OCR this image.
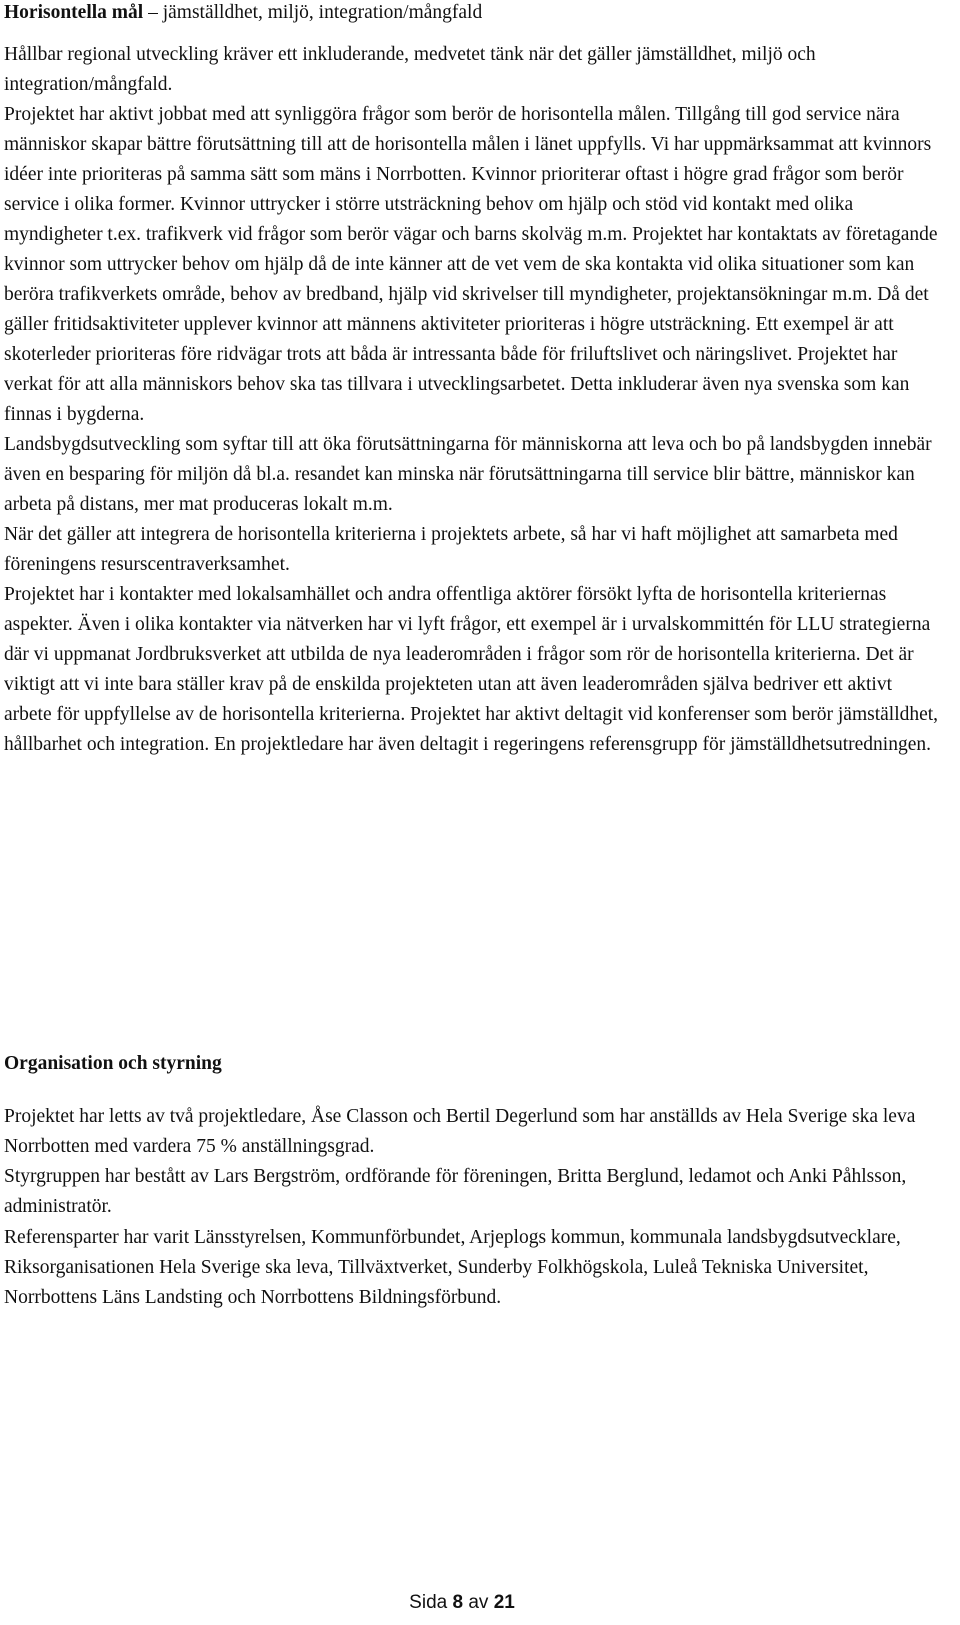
Horisontella mål – jämställdhet, miljö, integration/mångfald

Hållbar regional utveckling kräver ett inkluderande, medvetet tänk när det gäller jämställdhet, miljö och integration/mångfald.

Projektet har aktivt jobbat med att synliggöra frågor som berör de horisontella målen. Tillgång till god service nära människor skapar bättre förutsättning till att de horisontella målen i länet uppfylls. Vi har uppmärksammat att kvinnors idéer inte prioriteras på samma sätt som mäns i Norrbotten. Kvinnor prioriterar oftast i högre grad frågor som berör service i olika former. Kvinnor uttrycker i större utsträckning behov om hjälp och stöd vid kontakt med olika myndigheter t.ex. trafikverk vid frågor som berör vägar och barns skolväg m.m. Projektet har kontaktats av företagande kvinnor som uttrycker behov om hjälp då de inte känner att de vet vem de ska kontakta vid olika situationer som kan beröra trafikverkets område, behov av bredband, hjälp vid skrivelser till myndigheter, projektansökningar m.m. Då det gäller fritidsaktiviteter upplever kvinnor att männens aktiviteter prioriteras i högre utsträckning. Ett exempel är att skoterleder prioriteras före ridvägar trots att båda är intressanta både för friluftslivet och näringslivet. Projektet har verkat för att alla människors behov ska tas tillvara i utvecklingsarbetet. Detta inkluderar även nya svenska som kan finnas i bygderna.

Landsbygdsutveckling som syftar till att öka förutsättningarna för människorna att leva och bo på landsbygden innebär även en besparing för miljön då bl.a. resandet kan minska när förutsättningarna till service blir bättre, människor kan arbeta på distans, mer mat produceras lokalt m.m.

När det gäller att integrera de horisontella kriterierna i projektets arbete, så har vi haft möjlighet att samarbeta med föreningens resurscentraverksamhet.

Projektet har i kontakter med lokalsamhället och andra offentliga aktörer försökt lyfta de horisontella kriteriernas aspekter. Även i olika kontakter via nätverken har vi lyft frågor, ett exempel är i urvalskommittén för LLU strategierna där vi uppmanat Jordbruksverket att utbilda de nya leaderområden i frågor som rör de horisontella kriterierna. Det är viktigt att vi inte bara ställer krav på de enskilda projekteten utan att även leaderområden själva bedriver ett aktivt arbete för uppfyllelse av de horisontella kriterierna. Projektet har aktivt deltagit vid konferenser som berör jämställdhet, hållbarhet och integration. En projektledare har även deltagit i regeringens referensgrupp för jämställdhetsutredningen.

Organisation och styrning

Projektet har letts av två projektledare, Åse Classon och Bertil Degerlund som har anställds av Hela Sverige ska leva Norrbotten med vardera 75 % anställningsgrad.

Styrgruppen har bestått av Lars Bergström, ordförande för föreningen, Britta Berglund, ledamot och Anki Påhlsson, administratör.

Referensparter har varit Länsstyrelsen, Kommunförbundet, Arjeplogs kommun, kommunala landsbygdsutvecklare, Riksorganisationen Hela Sverige ska leva, Tillväxtverket, Sunderby Folkhögskola, Luleå Tekniska Universitet, Norrbottens Läns Landsting och Norrbottens Bildningsförbund.

Sida 8 av 21
